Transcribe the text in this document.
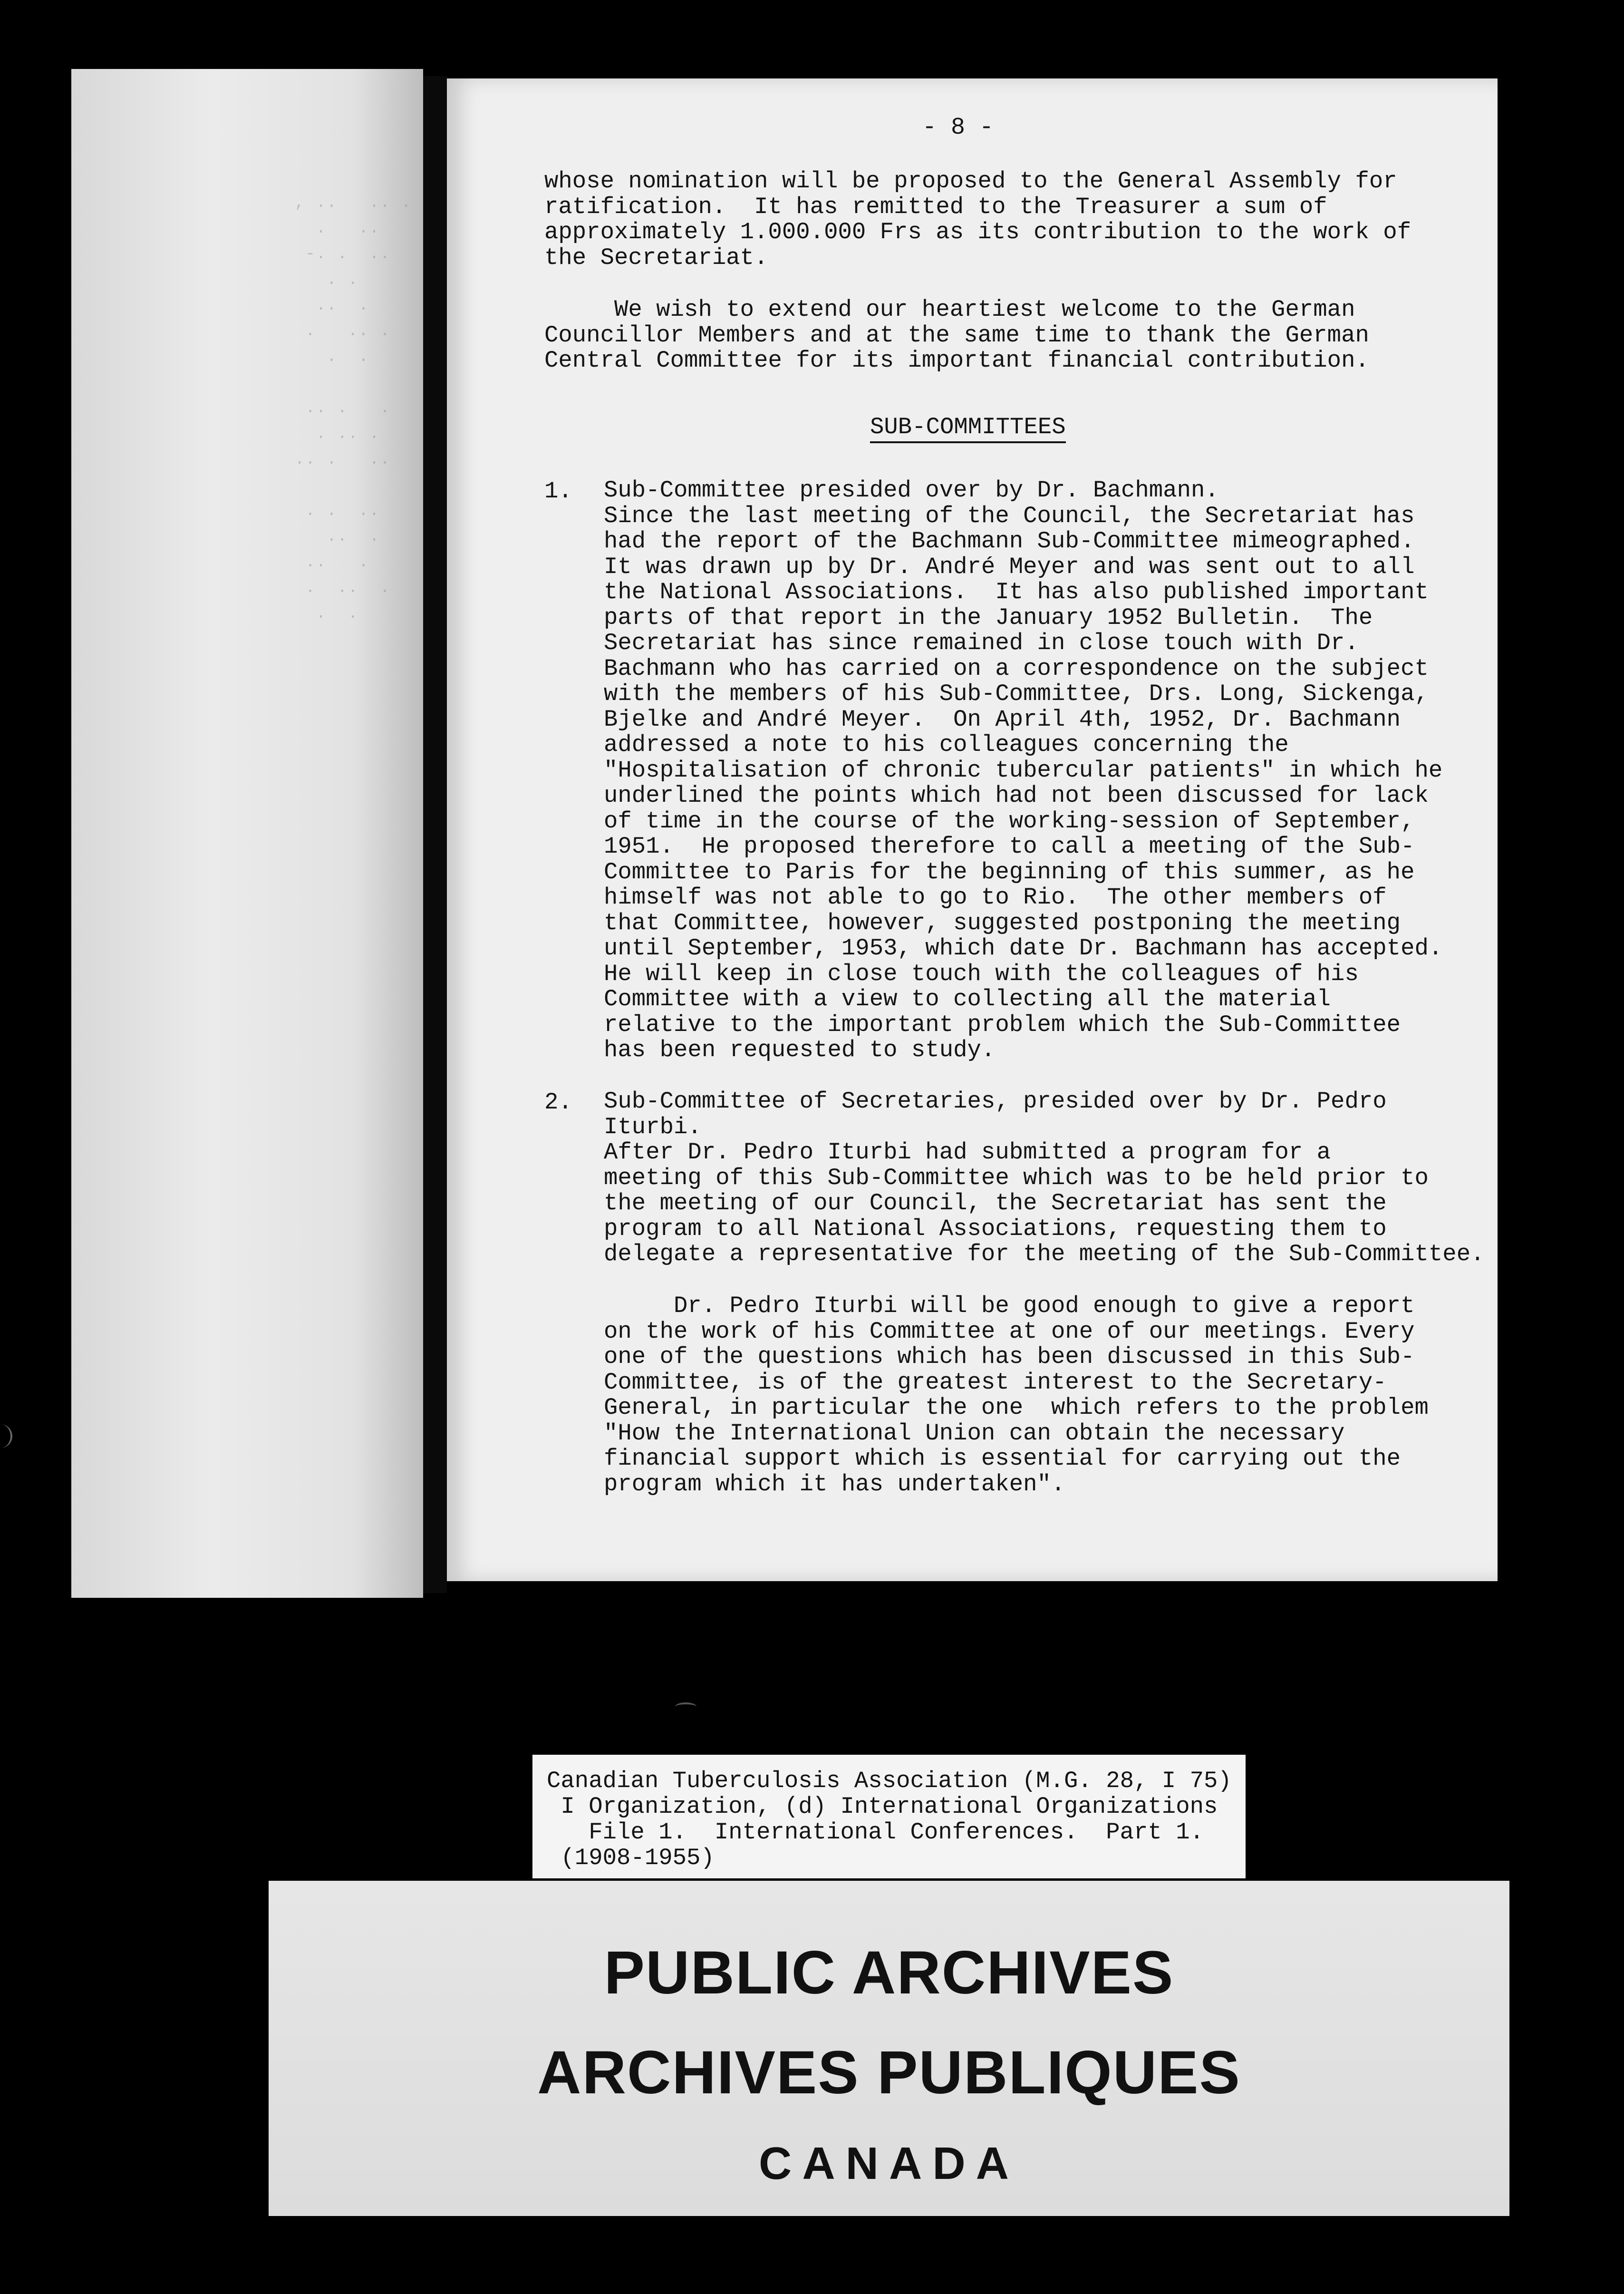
, ..   .. .
.   ..
-. .  ..
. .
..  .
.   .. .
.  .

.. .   .
. .. .
.. .   ..

. .  ..
..  .
..   .
.  ..  .
.  .
- 8 -
whose nomination will be proposed to the General Assembly for
ratification.  It has remitted to the Treasurer a sum of
approximately 1.000.000 Frs as its contribution to the work of
the Secretariat.
We wish to extend our heartiest welcome to the German
Councillor Members and at the same time to thank the German
Central Committee for its important financial contribution.
SUB-COMMITTEES
1. Sub-Committee presided over by Dr. Bachmann.
Since the last meeting of the Council, the Secretariat has
had the report of the Bachmann Sub-Committee mimeographed.
It was drawn up by Dr. André Meyer and was sent out to all
the National Associations.  It has also published important
parts of that report in the January 1952 Bulletin.  The
Secretariat has since remained in close touch with Dr.
Bachmann who has carried on a correspondence on the subject
with the members of his Sub-Committee, Drs. Long, Sickenga,
Bjelke and André Meyer.  On April 4th, 1952, Dr. Bachmann
addressed a note to his colleagues concerning the
"Hospitalisation of chronic tubercular patients" in which he
underlined the points which had not been discussed for lack
of time in the course of the working-session of September,
1951.  He proposed therefore to call a meeting of the Sub-
Committee to Paris for the beginning of this summer, as he
himself was not able to go to Rio.  The other members of
that Committee, however, suggested postponing the meeting
until September, 1953, which date Dr. Bachmann has accepted.
He will keep in close touch with the colleagues of his
Committee with a view to collecting all the material
relative to the important problem which the Sub-Committee
has been requested to study.
2. Sub-Committee of Secretaries, presided over by Dr. Pedro
Iturbi.
After Dr. Pedro Iturbi had submitted a program for a
meeting of this Sub-Committee which was to be held prior to
the meeting of our Council, the Secretariat has sent the
program to all National Associations, requesting them to
delegate a representative for the meeting of the Sub-Committee.
Dr. Pedro Iturbi will be good enough to give a report
on the work of his Committee at one of our meetings. Every
one of the questions which has been discussed in this Sub-
Committee, is of the greatest interest to the Secretary-
General, in particular the one  which refers to the problem
"How the International Union can obtain the necessary
financial support which is essential for carrying out the
program which it has undertaken".
Canadian Tuberculosis Association (M.G. 28, I 75)
I Organization, (d) International Organizations
File 1.  International Conferences.  Part 1.
(1908-1955)
PUBLIC ARCHIVES
ARCHIVES PUBLIQUES
CANADA
